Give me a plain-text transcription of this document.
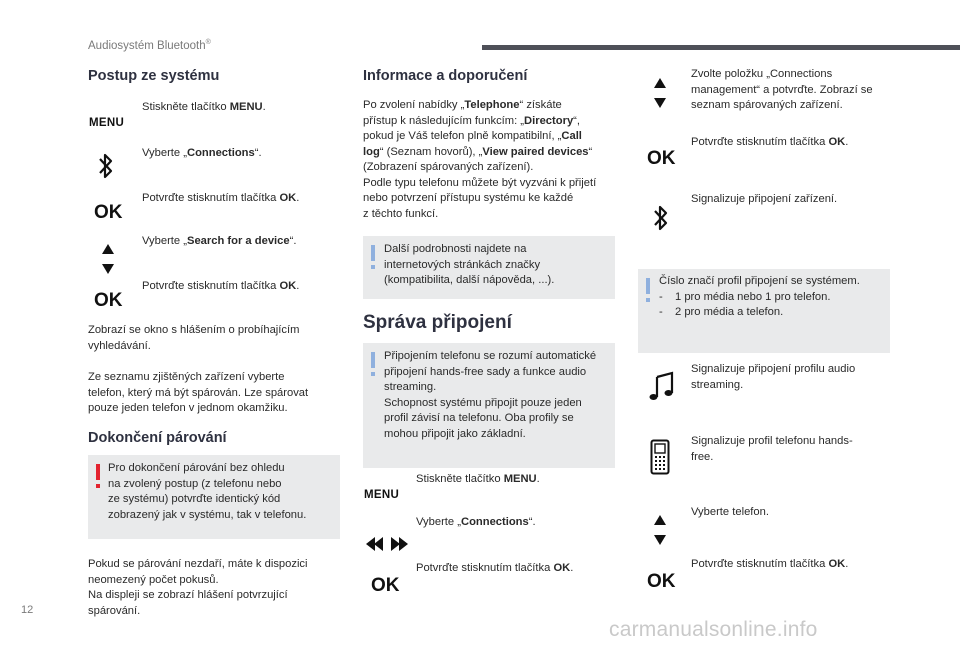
Audiosystém Bluetooth®
Postup ze systému
MENU
Stiskněte tlačítko MENU.
Vyberte „Connections“.
OK
Potvrďte stisknutím tlačítka OK.
Vyberte „Search for a device“.
OK
Potvrďte stisknutím tlačítka OK.
Zobrazí se okno s hlášením o probíhajícím
vyhledávání.
Ze seznamu zjištěných zařízení vyberte
telefon, který má být spárován. Lze spárovat
pouze jeden telefon v jednom okamžiku.
Dokončení párování
Pro dokončení párování bez ohledu
na zvolený postup (z telefonu nebo
ze systému) potvrďte identický kód
zobrazený jak v systému, tak v telefonu.
Pokud se párování nezdaří, máte k dispozici
neomezený počet pokusů.
Na displeji se zobrazí hlášení potvrzující
spárování.
12
Informace a doporučení
Po zvolení nabídky „Telephone“ získáte
přístup k následujícím funkcím: „Directory“,
pokud je Váš telefon plně kompatibilní, „Call
log“ (Seznam hovorů), „View paired devices“
(Zobrazení spárovaných zařízení).
Podle typu telefonu můžete být vyzváni k přijetí
nebo potvrzení přístupu systému ke každé
z těchto funkcí.
Další podrobnosti najdete na
internetových stránkách značky
(kompatibilita, další nápověda, ...).
Správa připojení
Připojením telefonu se rozumí automatické
připojení hands-free sady a funkce audio
streaming.
Schopnost systému připojit pouze jeden
profil závisí na telefonu. Oba profily se
mohou připojit jako základní.
MENU
Stiskněte tlačítko MENU.
Vyberte „Connections“.
OK
Potvrďte stisknutím tlačítka OK.
Zvolte položku „Connections
management“ a potvrďte. Zobrazí se
seznam spárovaných zařízení.
OK
Potvrďte stisknutím tlačítka OK.
Signalizuje připojení zařízení.
Číslo značí profil připojení se systémem.
-	1 pro média nebo 1 pro telefon.
-	2 pro média a telefon.
Signalizuje připojení profilu audio
streaming.
Signalizuje profil telefonu hands-
free.
Vyberte telefon.
OK
Potvrďte stisknutím tlačítka OK.
carmanualsonline.info
